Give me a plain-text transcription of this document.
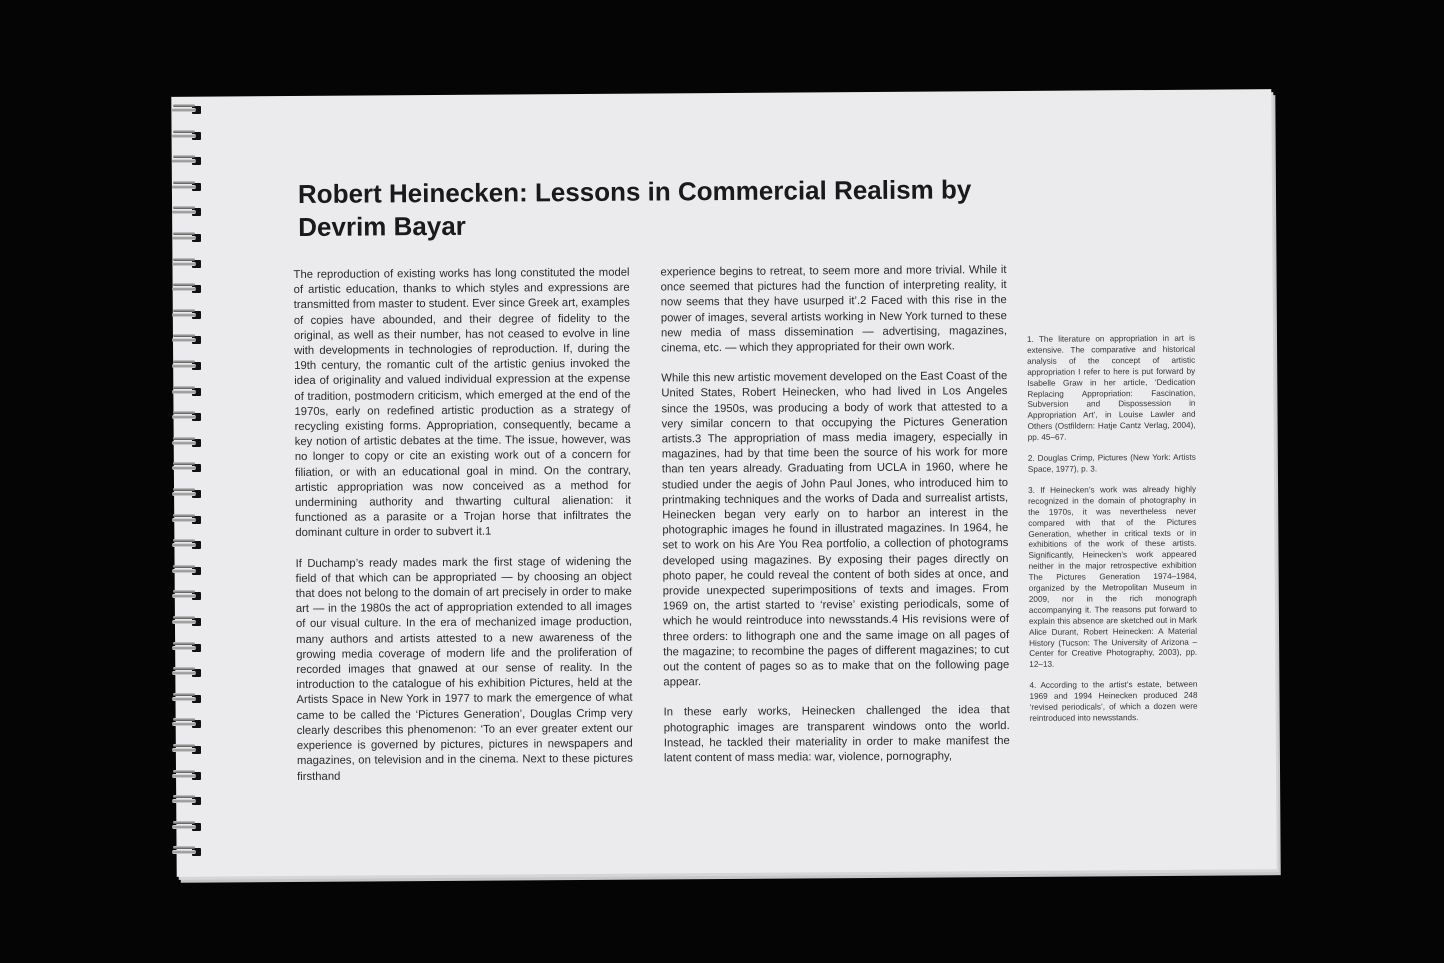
Robert Heinecken: Lessons in Commercial Realism by Devrim Bayar

The reproduction of existing works has long constituted the model of artistic education, thanks to which styles and expressions are transmitted from master to student. Ever since Greek art, examples of copies have abounded, and their degree of fidelity to the original, as well as their number, has not ceased to evolve in line with developments in technologies of reproduction. If, during the 19th century, the romantic cult of the artistic genius invoked the idea of originality and valued individual expression at the expense of tradition, postmodern criticism, which emerged at the end of the 1970s, early on redefined artistic production as a strategy of recycling existing forms. Appropriation, consequently, became a key notion of artistic debates at the time. The issue, however, was no longer to copy or cite an existing work out of a concern for filiation, or with an educational goal in mind. On the contrary, artistic appropriation was now conceived as a method for undermining authority and thwarting cultural alienation: it functioned as a parasite or a Trojan horse that infiltrates the dominant culture in order to subvert it.1

If Duchamp’s ready mades mark the first stage of widening the field of that which can be appropriated — by choosing an object that does not belong to the domain of art precisely in order to make art — in the 1980s the act of appropriation extended to all images of our visual culture. In the era of mechanized image production, many authors and artists attested to a new awareness of the growing media coverage of modern life and the proliferation of recorded images that gnawed at our sense of reality. In the introduction to the catalogue of his exhibition Pictures, held at the Artists Space in New York in 1977 to mark the emergence of what came to be called the ‘Pictures Generation’, Douglas Crimp very clearly describes this phenomenon: ‘To an ever greater extent our experience is governed by pictures, pictures in newspapers and magazines, on television and in the cinema. Next to these pictures firsthand

experience begins to retreat, to seem more and more trivial. While it once seemed that pictures had the function of interpreting reality, it now seems that they have usurped it’.2 Faced with this rise in the power of images, several artists working in New York turned to these new media of mass dissemination — advertising, magazines, cinema, etc. — which they appropriated for their own work.

While this new artistic movement developed on the East Coast of the United States, Robert Heinecken, who had lived in Los Angeles since the 1950s, was producing a body of work that attested to a very similar concern to that occupying the Pictures Generation artists.3 The appropriation of mass media imagery, especially in magazines, had by that time been the source of his work for more than ten years already. Graduating from UCLA in 1960, where he studied under the aegis of John Paul Jones, who introduced him to printmaking techniques and the works of Dada and surrealist artists, Heinecken began very early on to harbor an interest in the photographic images he found in illustrated magazines. In 1964, he set to work on his Are You Rea portfolio, a collection of photograms developed using magazines. By exposing their pages directly on photo paper, he could reveal the content of both sides at once, and provide unexpected superimpositions of texts and images. From 1969 on, the artist started to ‘revise’ existing periodicals, some of which he would reintroduce into newsstands.4 His revisions were of three orders: to lithograph one and the same image on all pages of the magazine; to recombine the pages of different magazines; to cut out the content of pages so as to make that on the following page appear.

In these early works, Heinecken challenged the idea that photographic images are transparent windows onto the world. Instead, he tackled their materiality in order to make manifest the latent content of mass media: war, violence, pornography,

1. The literature on appropriation in art is extensive. The comparative and historical analysis of the concept of artistic appropriation I refer to here is put forward by Isabelle Graw in her article, ‘Dedication Replacing Appropriation: Fascination, Subversion and Dispossession in Appropriation Art’, in Louise Lawler and Others (Ostfildern: Hatje Cantz Verlag, 2004), pp. 45–67.

2. Douglas Crimp, Pictures (New York: Artists Space, 1977), p. 3.

3. If Heinecken’s work was already highly recognized in the domain of photography in the 1970s, it was nevertheless never compared with that of the Pictures Generation, whether in critical texts or in exhibitions of the work of these artists. Significantly, Heinecken’s work appeared neither in the major retrospective exhibition The Pictures Generation 1974–1984, organized by the Metropolitan Museum in 2009, nor in the rich monograph accompanying it. The reasons put forward to explain this absence are sketched out in Mark Alice Durant, Robert Heinecken: A Material History (Tucson: The University of Arizona – Center for Creative Photography, 2003), pp. 12–13.

4. According to the artist’s estate, between 1969 and 1994 Heinecken produced 248 ‘revised periodicals’, of which a dozen were reintroduced into newsstands.
